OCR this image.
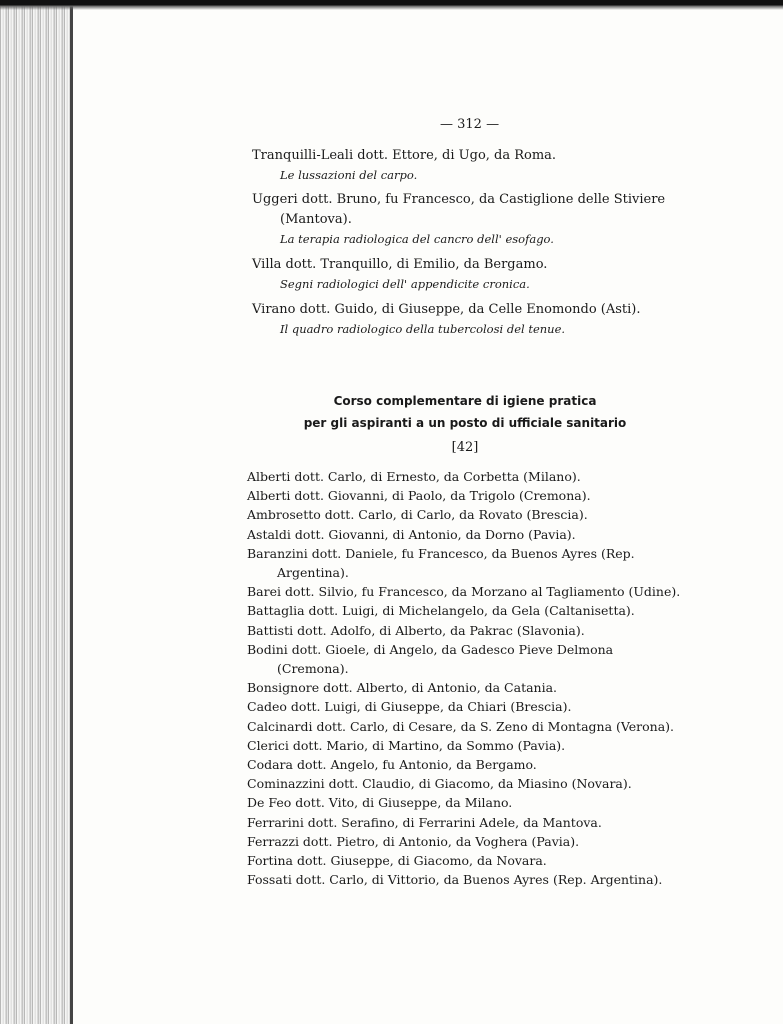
— 312 —
Tranquilli-Leali dott. Ettore, di Ugo, da Roma.
Le lussazioni del carpo.
Uggeri dott. Bruno, fu Francesco, da Castiglione delle Stiviere (Mantova).
La terapia radiologica del cancro dell' esofago.
Villa dott. Tranquillo, di Emilio, da Bergamo.
Segni radiologici dell' appendicite cronica.
Virano dott. Guido, di Giuseppe, da Celle Enomondo (Asti).
Il quadro radiologico della tubercolosi del tenue.
Corso complementare di igiene pratica
per gli aspiranti a un posto di ufficiale sanitario
[42]
Alberti dott. Carlo, di Ernesto, da Corbetta (Milano).
Alberti dott. Giovanni, di Paolo, da Trigolo (Cremona).
Ambrosetto dott. Carlo, di Carlo, da Rovato (Brescia).
Astaldi dott. Giovanni, di Antonio, da Dorno (Pavia).
Baranzini dott. Daniele, fu Francesco, da Buenos Ayres (Rep. Argentina).
Barei dott. Silvio, fu Francesco, da Morzano al Tagliamento (Udine).
Battaglia dott. Luigi, di Michelangelo, da Gela (Caltanisetta).
Battisti dott. Adolfo, di Alberto, da Pakrac (Slavonia).
Bodini dott. Gioele, di Angelo, da Gadesco Pieve Delmona (Cremona).
Bonsignore dott. Alberto, di Antonio, da Catania.
Cadeo dott. Luigi, di Giuseppe, da Chiari (Brescia).
Calcinardi dott. Carlo, di Cesare, da S. Zeno di Montagna (Verona).
Clerici dott. Mario, di Martino, da Sommo (Pavia).
Codara dott. Angelo, fu Antonio, da Bergamo.
Cominazzini dott. Claudio, di Giacomo, da Miasino (Novara).
De Feo dott. Vito, di Giuseppe, da Milano.
Ferrarini dott. Serafino, di Ferrarini Adele, da Mantova.
Ferrazzi dott. Pietro, di Antonio, da Voghera (Pavia).
Fortina dott. Giuseppe, di Giacomo, da Novara.
Fossati dott. Carlo, di Vittorio, da Buenos Ayres (Rep. Argentina).
